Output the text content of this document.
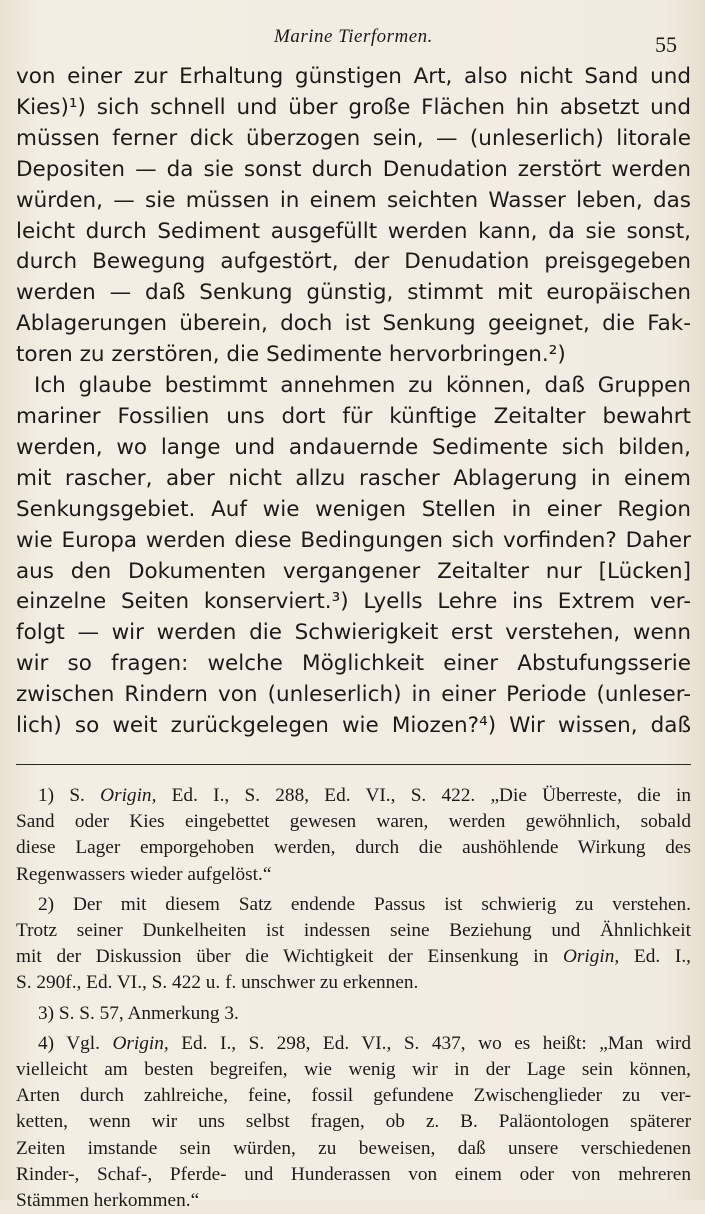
Marine Tierformen.	55
von einer zur Erhaltung günstigen Art, also nicht Sand und
Kies)¹) sich schnell und über große Flächen hin absetzt und
müssen ferner dick überzogen sein, — (unleserlich) litorale
Depositen — da sie sonst durch Denudation zerstört werden
würden, — sie müssen in einem seichten Wasser leben, das
leicht durch Sediment ausgefüllt werden kann, da sie sonst,
durch Bewegung aufgestört, der Denudation preisgegeben
werden — daß Senkung günstig, stimmt mit europäischen
Ablagerungen überein, doch ist Senkung geeignet, die Fak-
toren zu zerstören, die Sedimente hervorbringen.²)
Ich glaube bestimmt annehmen zu können, daß Gruppen
mariner Fossilien uns dort für künftige Zeitalter bewahrt
werden, wo lange und andauernde Sedimente sich bilden,
mit rascher, aber nicht allzu rascher Ablagerung in einem
Senkungsgebiet. Auf wie wenigen Stellen in einer Region
wie Europa werden diese Bedingungen sich vorfinden? Daher
aus den Dokumenten vergangener Zeitalter nur [Lücken]
einzelne Seiten konserviert.³) Lyells Lehre ins Extrem ver-
folgt — wir werden die Schwierigkeit erst verstehen, wenn
wir so fragen: welche Möglichkeit einer Abstufungsserie
zwischen Rindern von (unleserlich) in einer Periode (unleser-
lich) so weit zurückgelegen wie Miozen?⁴) Wir wissen, daß
1) S. Origin, Ed. I., S. 288, Ed. VI., S. 422. „Die Überreste, die in
Sand oder Kies eingebettet gewesen waren, werden gewöhnlich, sobald
diese Lager emporgehoben werden, durch die aushöhlende Wirkung des
Regenwassers wieder aufgelöst.“
2) Der mit diesem Satz endende Passus ist schwierig zu verstehen.
Trotz seiner Dunkelheiten ist indessen seine Beziehung und Ähnlichkeit
mit der Diskussion über die Wichtigkeit der Einsenkung in Origin, Ed. I.,
S. 290f., Ed. VI., S. 422 u. f. unschwer zu erkennen.
3) S. S. 57, Anmerkung 3.
4) Vgl. Origin, Ed. I., S. 298, Ed. VI., S. 437, wo es heißt: „Man wird
vielleicht am besten begreifen, wie wenig wir in der Lage sein können,
Arten durch zahlreiche, feine, fossil gefundene Zwischenglieder zu ver-
ketten, wenn wir uns selbst fragen, ob z. B. Paläontologen späterer
Zeiten imstande sein würden, zu beweisen, daß unsere verschiedenen
Rinder-, Schaf-, Pferde- und Hunderassen von einem oder von mehreren
Stämmen herkommen.“
